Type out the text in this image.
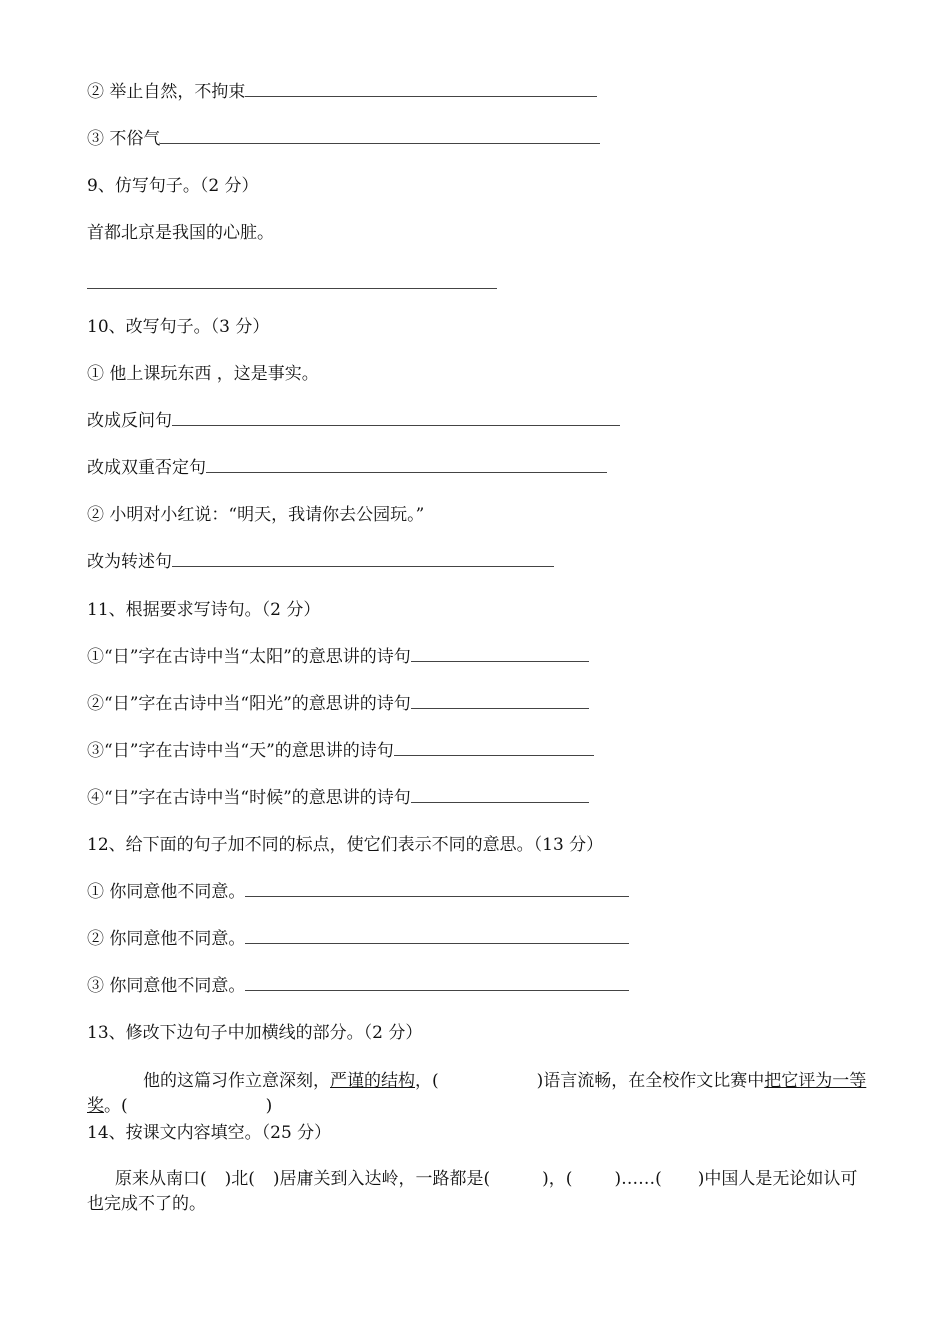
② 举止自然，不拘束
③ 不俗气
9、仿写句子。（2 分）
首都北京是我国的心脏。
10、改写句子。（3 分）
① 他上课玩东西 ，这是事实。
改成反问句
改成双重否定句
② 小明对小红说：“明天，我请你去公园玩。”
改为转述句
11、根据要求写诗句。（2 分）
①“日”字在古诗中当“太阳”的意思讲的诗句
②“日”字在古诗中当“阳光”的意思讲的诗句
③“日”字在古诗中当“天”的意思讲的诗句
④“日”字在古诗中当“时候”的意思讲的诗句
12、给下面的句子加不同的标点，使它们表示不同的意思。（13 分）
① 你同意他不同意。
② 你同意他不同意。
③ 你同意他不同意。
13、修改下边句子中加横线的部分。（2 分）
他的这篇习作立意深刻，严谨的结构，(	)语言流畅，在全校作文比赛中把它评为一等奖。(	)
14、按课文内容填空。（25 分）
原来从南口( )北( )居庸关到入达岭，一路都是(	)，( )……( )中国人是无论如认可 也完成不了的。
